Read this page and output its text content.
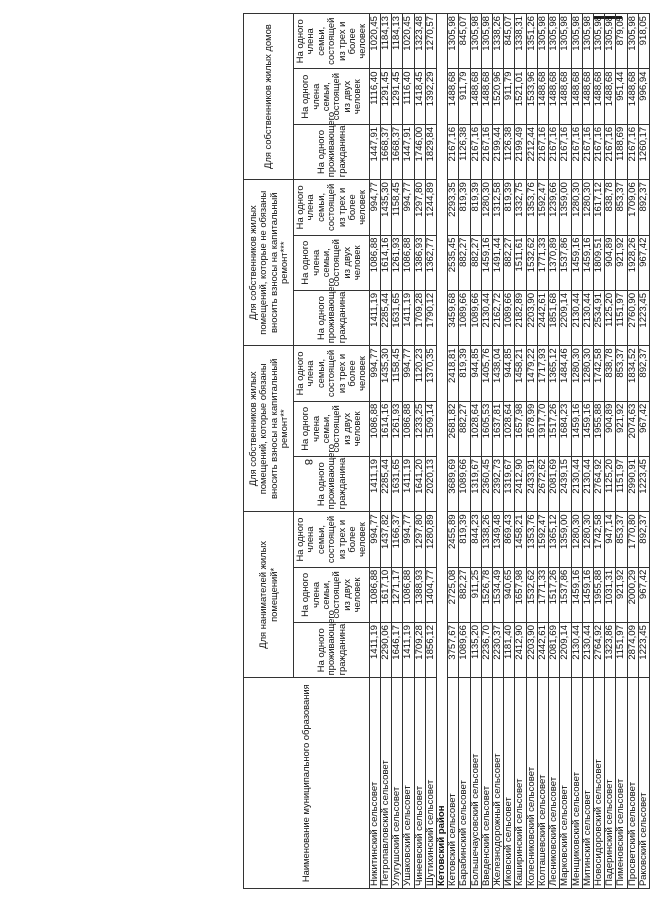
8
Наименование муниципального образования	Для нанимателей жилых помещений*			Для собственников жилых помещений, которые обязаны вносить взносы на капитальный ремонт**			Для собственников жилых помещений, которые не обязаны вносить взносы на капитальный ремонт***			Для собственников жилых домов		
	На одного проживающего гражданина	На одного члена семьи, состоящей из двух человек	На одного члена семьи, состоящей из трех и более человек	На одного проживающего гражданина	На одного члена семьи, состоящей из двух человек	На одного члена семьи, состоящей из трех и более человек	На одного проживающего гражданина	На одного члена семьи, состоящей из двух человек	На одного члена семьи, состоящей из трех и более человек	На одного проживающего гражданина	На одного члена семьи, состоящей из двух человек	На одного члена семьи, состоящей из трех и более человек
Никитинский сельсовет	1411,19	1086,88	994,77	1411,19	1086,88	994,77	1411,19	1086,88	994,77	1447,91	1116,40	1020,45
Петропавловский сельсовет	2290,06	1617,10	1437,82	2285,44	1614,16	1435,30	2285,44	1614,16	1435,30	1668,37	1291,45	1184,13
Улугушский сельсовет	1646,17	1271,17	1166,37	1631,65	1261,93	1158,45	1631,65	1261,93	1158,45	1668,37	1291,45	1184,13
Ушаковский сельсовет	1411,19	1086,88	994,77	1411,19	1086,88	994,77	1411,19	1086,88	994,77	1447,91	1116,40	1020,45
Чинеевский сельсовет	1709,28	1388,93	1297,80	1641,20	1233,25	1120,23	1709,28	1386,93	1297,80	1746,00	1418,45	1323,48
Шутихинский сельсовет	1856,12	1404,77	1280,89	2020,13	1509,14	1370,35	1790,12	1362,77	1244,89	1829,84	1392,29	1270,57
Кетовский район												
Кетовский сельсовет	3757,67	2725,08	2455,89	3689,69	2681,82	2418,81	3459,68	2535,45	2293,35	2167,16	1488,68	1305,98
Барабинский сельсовет	1089,66	882,27	819,39	1089,66	882,27	819,39	1089,66	882,27	819,39	1126,38	911,79	845,07
Большечаусовский сельсовет	1135,20	911,25	844,23	1319,67	1028,64	944,85	1089,66	882,27	819,39	2167,16	1488,68	1305,98
Введенский сельсовет	2236,70	1526,78	1338,26	2360,45	1605,53	1405,76	2130,44	1459,16	1280,30	2167,16	1488,68	1305,98
Железнодорожный сельсовет	2230,37	1534,49	1349,48	2392,73	1637,81	1438,04	2162,72	1491,44	1312,58	2199,44	1520,96	1338,26
Иковский сельсовет	1181,40	940,65	869,43	1319,67	1028,64	944,85	1089,66	882,27	819,39	1126,38	911,79	845,07
Каширинский сельсовет	2412,90	1657,98	1458,21	2412,90	1657,98	1458,21	2182,89	1511,61	1332,75	2199,49	1521,01	1338,31
Колесниковский сельсовет	2203,90	1532,62	1353,76	2433,91	1678,99	1479,22	2203,90	1532,62	1353,76	2212,44	1533,96	1351,26
Колташевский сельсовет	2442,61	1771,33	1592,47	2672,62	1917,70	1717,93	2442,61	1771,33	1592,47	2167,16	1488,68	1305,98
Лесниковский сельсовет	2081,69	1517,26	1365,12	2081,69	1517,26	1365,12	1851,68	1370,89	1239,66	2167,16	1488,68	1305,98
Марковский сельсовет	2209,14	1537,86	1359,00	2439,15	1684,23	1484,46	2209,14	1537,86	1359,00	2167,16	1488,68	1305,98
Менщиковский сельсовет	2130,44	1459,16	1280,30	2130,44	1459,16	1280,30	2130,44	1459,16	1280,30	2167,16	1488,68	1305,98
Митинский сельсовет	2130,44	1459,16	1280,30	2130,44	1459,16	1280,30	2130,44	1459,16	1280,30	2167,16	1488,68	1305,98
Новосидоровский сельсовет	2764,92	1955,88	1742,58	2764,92	1955,88	1742,58	2534,91	1809,51	1617,12	2167,16	1488,68	1305,98
Падеринский сельсовет	1323,86	1031,31	947,14	1125,20	904,89	838,78	1125,20	904,89	838,78	2167,16	1488,68	1305,98
Пименовский сельсовет	1151,97	921,92	853,37	1151,97	921,92	853,37	1151,97	921,92	853,37	1188,69	951,44	879,05
Просветский сельсовет	2874,09	2000,29	1770,80	2990,91	2074,63	1834,52	2760,90	1928,26	1709,06	2167,16	1488,68	1305,98
Раковский сельсовет	1223,45	967,42	892,37	1223,45	967,42	892,37	1223,45	967,42	892,37	1260,17	996,94	918,05
